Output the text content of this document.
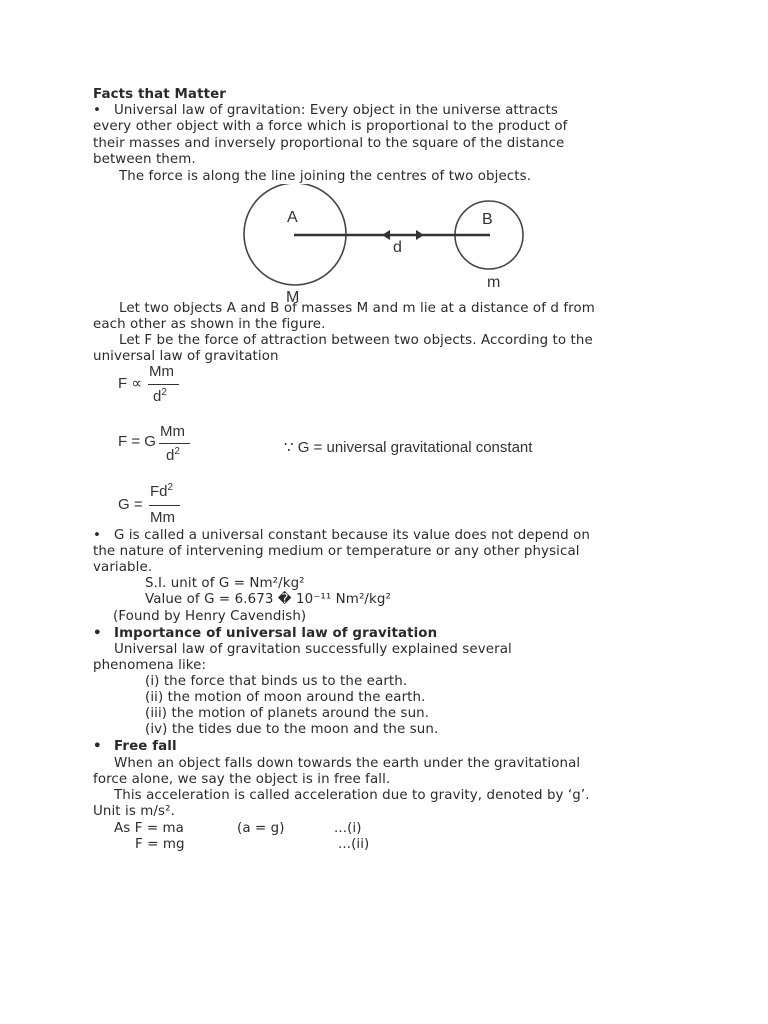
Facts that Matter
• Universal law of gravitation: Every object in the universe attracts
every other object with a force which is proportional to the product of
their masses and inversely proportional to the square of the distance
between them.
The force is along the line joining the centres of two objects.
A	B
d
M
m
Let two objects A and B of masses M and m lie at a distance of d from
each other as shown in the figure.
Let F be the force of attraction between two objects. According to the
universal law of gravitation
F ∝
Mm
$d^2$
F = G
Mm
$d^2$	∵ G = universal gravitational constant
G =
$Fd^2$
Mm
• G is called a universal constant because its value does not depend on
the nature of intervening medium or temperature or any other physical
variable.
S.I. unit of G = Nm²/kg²
Value of G = 6.673 � 10⁻¹¹ Nm²/kg²
(Found by Henry Cavendish)
• Importance of universal law of gravitation
Universal law of gravitation successfully explained several
phenomena like:
(i) the force that binds us to the earth.
(ii) the motion of moon around the earth.
(iii) the motion of planets around the sun.
(iv) the tides due to the moon and the sun.
• Free fall
When an object falls down towards the earth under the gravitational
force alone, we say the object is in free fall.
This acceleration is called acceleration due to gravity, denoted by ‘g’.
Unit is m/s².
As F = ma	(a = g)	...(i)
F = mg	...(ii)
